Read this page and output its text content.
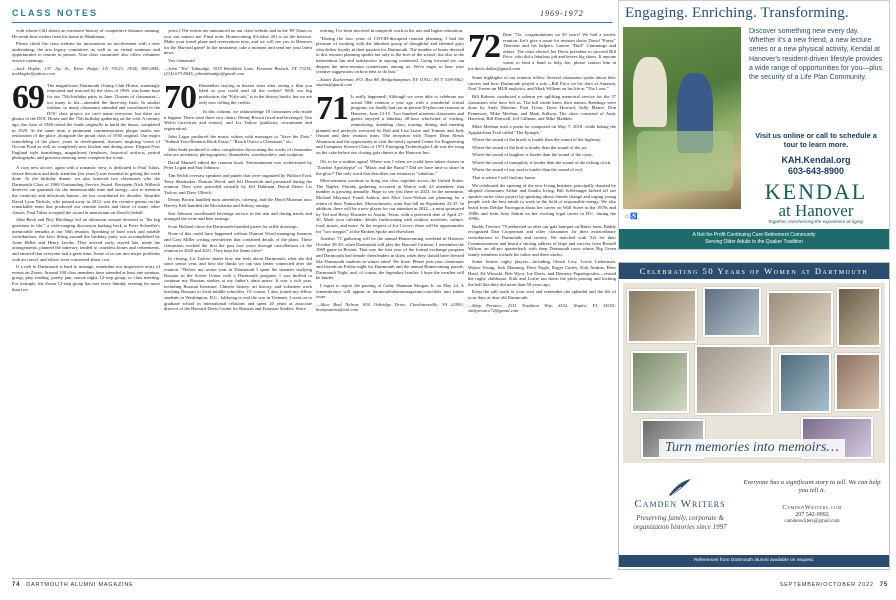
CLASS NOTES	1969-1972

with whom Cliff shares an extensive history of competitive distance running. He sends best wishes from his home in Manhattan.

Please check the class website for information on involvement with a new undertaking, the arts legacy committee, as well as on virtual seminars and opportunities to reunite in person. Your class committee also offers volunteer service openings.

—Jack Hopke, 137 Joy St., River Ridge, LA 70123; (504) 388-2845; jackhopke@yahoo.com

69 The magnificent Dartmouth Outing Club House, stunningly renovated and restored by the class of 1969, was home base for our 75th birthday party in June. Dozens of classmates—too many to list—attended the three-day bash. In similar fashion, so many classmates attended and contributed to the DOC class project we can't name everyone, but there are photos of the DOC House and the 75th birthday gathering on the web. A century ago, the class of 1940 raised the funds originally to build the house, completed in 1929. At the same time, a prominent commemorative plaque marks our restoration of the place, alongside the proud class of 1930 original. Our major remodeling of the place, years in development, features inspiring views of Occom Pond as well as completely new kitchen and dining areas. Elegant New England style furnishings, magnificent fireplaces, historical artifacts, period photographs, and gracious meeting areas complete the scene.

A cozy new alcove, again with a romantic view, is dedicated to Paul Tuhas, whose devotion and daily attention (for years!) was essential in getting the work done. At the birthday dinner, we also honored two classmates who the Dartmouth Class of 1969 Outstanding Service Award. Recipient Nick Wilbeck deserves our gratitude for the immeasurable time and energy—not to mention the creativity and infectious humor—he has contributed for decades. Awardee David Lyon Nichols, who passed away in 2012, was the creative genius on the remarkable team that produced our reunion books and those of many other classes. Paul Tuhas accepted the award in memoriam on David's behalf.

John Beck and Roy Hitchings led an afternoon session devoted to "the big questions in life," a wide-ranging discussion harking back to Peter Schaeffer's memorable remarks at our 50th reunion. Speaking of hard work and notable contributions, the keys lifting around the birthday party was accomplished by Anne Heller and Henry Jacobs. They arrived early, stayed late, made the arrangements, planned the itinerary, tended to countless bones and refinements, and ensured that everyone had a great time. Some of us ran into major problems with air travel, and others were concerned about cost.

If a trek to Dartmouth is hard to manage, remember our impressive array of events on Zoom. Around 100 class members have attended at least one seminar, group, play reading, poetry jam, movie night, 12-step group, or class meeting. For example, the Zoom 12-step group has met every Sunday evening for more than two

years.) The events are announced on our class website and in the '69 Times or you can contact me. Final note: Homecoming (October 20) is on the horizon. Make your travel plans and reservations now, and we will see you in Hanover for the Harvard game! In the meantime, take a moment and send me your latest news.

Vox clamantis!

—John "Tex" Talmadge, 3519 Brookline Lane, Furmont Branch, TX 73234; (214) 673-8045; johntalmadge@gmail.com

70 Remember staying in theater seats after seeing a film you liked so you could read all the credits? Well, our big production, the "Fifty-ish," is in the history books, but we are only now rolling the credits.

In this column, we acknowledge 18 classmates who made it happen. There were three vice chairs: Denny Brown (food and beverage), Tim Welch (activities and events), and Lis Tarlow (publicity, recruitment and registration).

John Lagar produced the music videos with messages to "Save the Date," "Submit Your Reunion Book Essay," "Reach Out to a Classmate," etc.

John Sadd produced a video compilation showcasing the works of classmates who are architects, photographers, filmmakers, woodworkers, and sculptors.

David Mansell edited the reunion book. Entertainment was orchestrated by Peter Logan and Star Johnson.

Tim Welch oversaw speakers and panels that were organized by Wallace Ford, Terry Sharmaker, Duncan Wood, and Jeff Demeroth and presented during the reunion. They were preceded virtually by Jeff Dahlman, David Deese, Lis Tarlow, and Dave Ulbrich.

Denny Brown handled most amenities, catering, and the Hood Museum tour. Harvey Keil handled the Moosilauke and Sidway outings.

Star Johnson coordinated beverage service in the tent and during meals and arranged the wine and beer tastings.

Scott Holland chose the Dartmouth-branded prizes for raffle drawings.

None of this could have happened without Duncan Wood managing finances and Gary Miller writing newsletters that contained details of the plans. These classmates worked the first the past four years through cancellations of the reunion in 2020 and 2021. They kept the flame alive!

In closing, Lis Tarlow shares how she feels about Dartmouth, what she did since senior year, and how she thinks we can stay better connected after the reunion. "Before my senior year at Dartmouth I spent the summer studying Russian in the Soviet Union with a Dartmouth program. I was thrilled to continue my Russian studies at my father's alma mater. It was a rich year, including Russian literature, Chinese history, art history, and volunteer work teaching Russian to local middle-schoolers. Of course, I also joined my fellow students in Washington, D.C., lobbying to end the war in Vietnam. I went on to graduate school in international relations and spent 20 years as associate director of the Harvard Davis Center for Russian and Eurasian Studies. Since

retiring, I've been involved in nonprofit work in the arts and higher education.

"During the four years of COVID-disrupted reunion planning, I had the pleasure of working with the fabulous group of thoughtful and talented guys who define loyalty in their passion for Dartmouth. The number of hours devoted to this reunion planning speaks not only to the love of the school, but also to the tremendous fun and satisfaction in staying connected. Going forward we can deepen the inter-reunion connections among us. We're eager to hear your creative suggestions on how best to do that."

—Stuart Zuckerman, P.O. Box 88, Bridgehampton, NY 11932; (917) 538-9062; stuartz@gmail.com

71 It really happened! Although we were able to celebrate our actual 50th reunion a year ago with a wonderful virtual program, we finally had our in-person 50-plus-one reunion in Hanover, June 13-15. Two hundred nineteen classmates and guests enjoyed a fabulous 48-hour whirlwind of visiting, reminiscing, attending class, touring, dining, and meeting planned and perfectly executed by Bob and Lisa Lister and Tommy and Judy Osman and their reunion team. The reception with Thayer Dean Alexis Abramson and the opportunity to visit the newly opened Center for Engineering and Computer Science Class of 1971 Emerging Technologies Lab was the icing on the cake before our closing gala dinner at the Hanover Inn.

Oh, to be a student again! Where was I when we could have taken classes in "Zombie Apocalypse" or "Music and the Brain"? Did we have time to share in the glow? The only word that describes our reunion is "fabulous."

Mini-reunions continue to bring our class together across the United States. The Naples, Florida, gathering occurred in March with 43 attendees; that number is growing annually. Hope to see you there in 2023. In the meantime, Michael Maynard, Frank Ashton, and Alice Goss-Nelson are planning for a return of their Nantucket, Massachusetts, mini that fall on September 23-25. In addition, there will be a new player for our attention in 2022—a mini sponsored by Ted and Betsy Elsmeier in Austin, Texas, with a preferred date of April 27-30. Mark your calendar; details forthcoming with outdoor activities, culture, food, music, and more. At the request of Joe Cecere, there will be opportunities for "two steppin'" at the Broken Spoke and elsewhere.

Another '71 gathering will be the annual Homecoming weekend in Hanover October 28-29, when Dartmouth will play the Harvard Crimson. I remember the 1969 game in Boston. That was the first year of the formal exchange program and Dartmouth had female cheerleaders in skirts when they should have dressed like Dartmouth students in winter attire! We froze. Please join your classmates and friends on Friday night for Dartmouth and the annual Homecoming parade, Dartmouth Night, and, of course, the legendary bonfire. I hope the weather will be kinder.

I regret to report the passing of Cathy Shannon Morgan Jr. on May 24. A remembrance will appear at dartmouthalumnimagazine.com/obits into future issue.

—Alice Beal Nelson, 834 Oxbridge Drive, Charlottesville, VA 22903; beanysaurus@aol.com

72 Dear '72s, congratulations on 50 years! We had a terrific reunion. Let's give a rouse for reunion chairs David "Fuzzy" Thurston and his helpers, Lauren "Duff" Cummings and others. The class elected Joe Davis president to succeed Bill Price, who did a fabulous job and leaves big shoes. If anyone wants to lend a hand to help Joe, please contact him at joe.davis.dallas@gmail.com.

Some highlights of our reunion follow. Several classmates spoke about their careers and how Dartmouth played a role—Bill Price on his days at Amazon, Neal Traven on MLB analytics, and Mark Wilhem on his life at "The Loon."

Bill Roberts conducted a solemn yet uplifting memorial service for the 37 classmates who have left us. The hill winds knew their names. Readings were done by Andy Martens, Paul Tyson, Drew Howard, Sally Marter, Don Fennessey, Mike Meehan, and Mark Stillson. The choir consisted of Andy Harrison, Bill Donwall, Jeff Gillman, and Mike Madden.

Mike Meehan read a poem he composed on May 7, 2018, while hiking the Appalachian Trail called "The Epitaph."

Where the sound of the brook is louder than the sound of the highway,

Where the sound of the bird is louder than the sound of the jet,

Where the sound of laughter is louder than the sound of the cynic,

Where the sound of tranquility is louder than the sound of the ticking clock,

Where the sound of my soul is louder than the sound of evil,

That is where I will find my home.

We celebrated the opening of the new Irving Institute, principally donated by adopted classmates Arthur and Sandra Irving. Bill Schlesinger kicked off our speaker series class project by speaking about climate change and urging young people with the best minds to work in the field of responsible energy. We also heard from Debbie Farrington about her career on Wall Street in the 1970s and 1980s and from Amy Sabrin on her exciting legal career in D.C. during the 1990s.

Buddy Teevens '79 addressed us after our gala banquet on Baker lawn. Buddy recognized Dan Cooperman and other classmates for their extraordinary contributions to Dartmouth and society. We marched with '22s for their Commencement and heard a stirring address of hope and success from Russell Wilson, an all-pro quarterback with deep Dartmouth roots whose Big Green family members include his father and three uncles.

Some former rugby players—including Chuck Low, Lorrie Lieberman, Wayne Young, Jack Manning, Dave Engle, Roger Curley, Kirk Andrus, Peter Heed, Ed Winoski, Bob Wyor, Joe Davis, and Demetry Papadopoulos—visited the rugby clubhouse. Kirk and Lorrie ran down the pitch passing and kicking the ball like they did more than 50 years ago.

Keep the still north in your soul and remember the splendid and the ills of your days at dear old Dartmouth.

—Shep Prentice, 2311 Tradition Way, #102, Naples, FL 34105; shelprentice72@gmail.com

Engaging. Enriching. Transforming.
Discover something new every day. Whether it's a new friend, a new lecture series or a new physical activity, Kendal at Hanover's resident-driven lifestyle provides a wide range of opportunities for you—plus the security of a Life Plan Community.
Visit us online or call to schedule a tour to learn more.
KAH.Kendal.org
603-643-8900
KENDAL
at Hanover
Together, transforming the experience of aging.
⌂ ♿
A Not-for-Profit Continuing Care Retirement Community
Serving Older Adults in the Quaker Tradition
Celebrating 50 Years of Women at Dartmouth
Turn memories into memoirs…
Camden Writers
Preserving family, corporate & organization histories since 1997
Everyone has a significant story to tell. We can help you tell it.
CamdenWriters.com
207 542-9992
camdenwriters@gmail.com
References from Dartmouth alumni available on request.
74 DARTMOUTH ALUMNI MAGAZINE	SEPTEMBER/OCTOBER 2022 75
